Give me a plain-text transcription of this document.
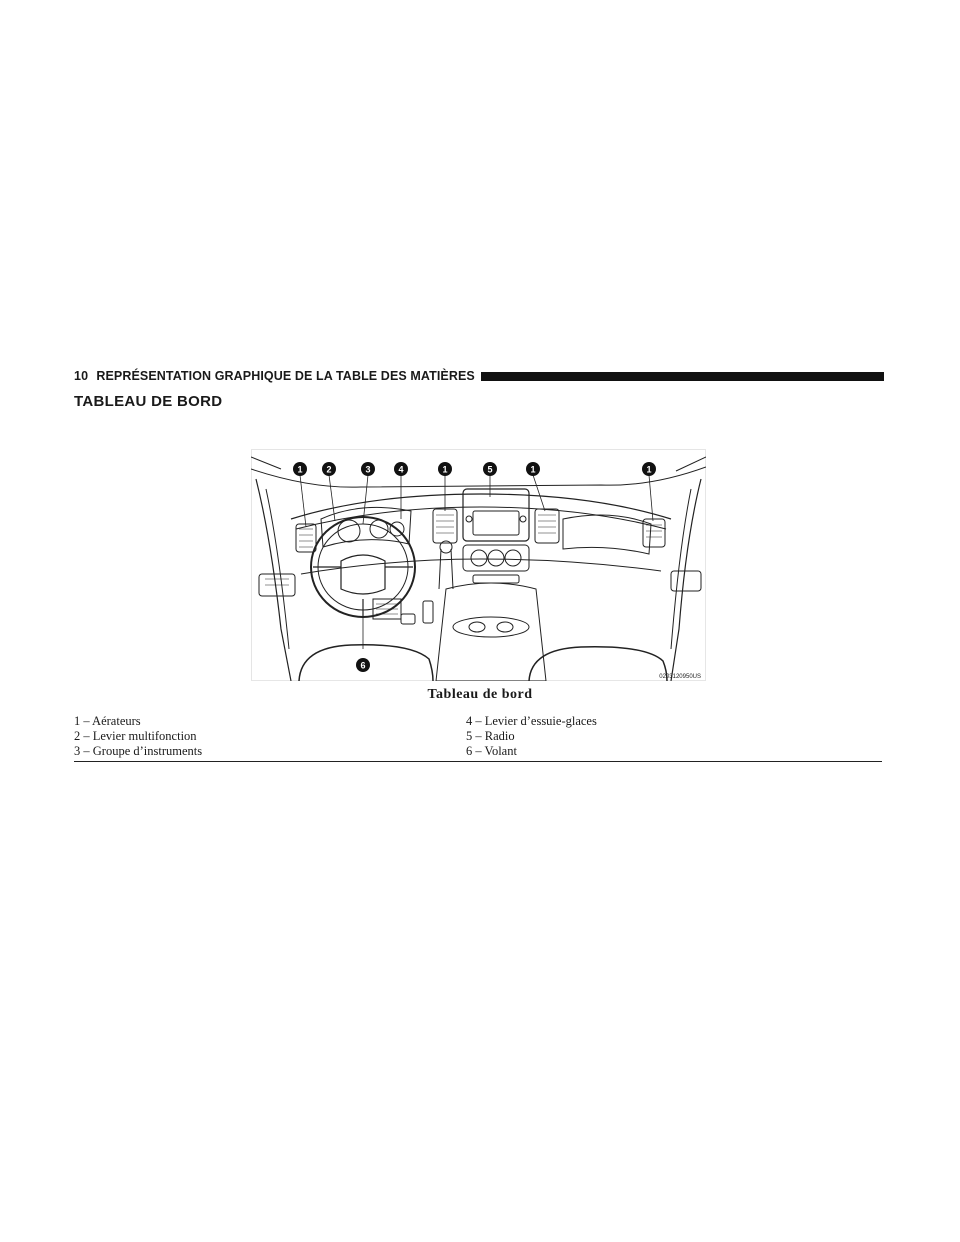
10 REPRÉSENTATION GRAPHIQUE DE LA TABLE DES MATIÈRES
TABLEAU DE BORD
1	2	3	4	1	5	1	1
6
0203120950US
Tableau de bord
1 – Aérateurs	4 – Levier d’essuie-glaces
2 – Levier multifonction	5 – Radio
3 – Groupe d’instruments	6 – Volant
